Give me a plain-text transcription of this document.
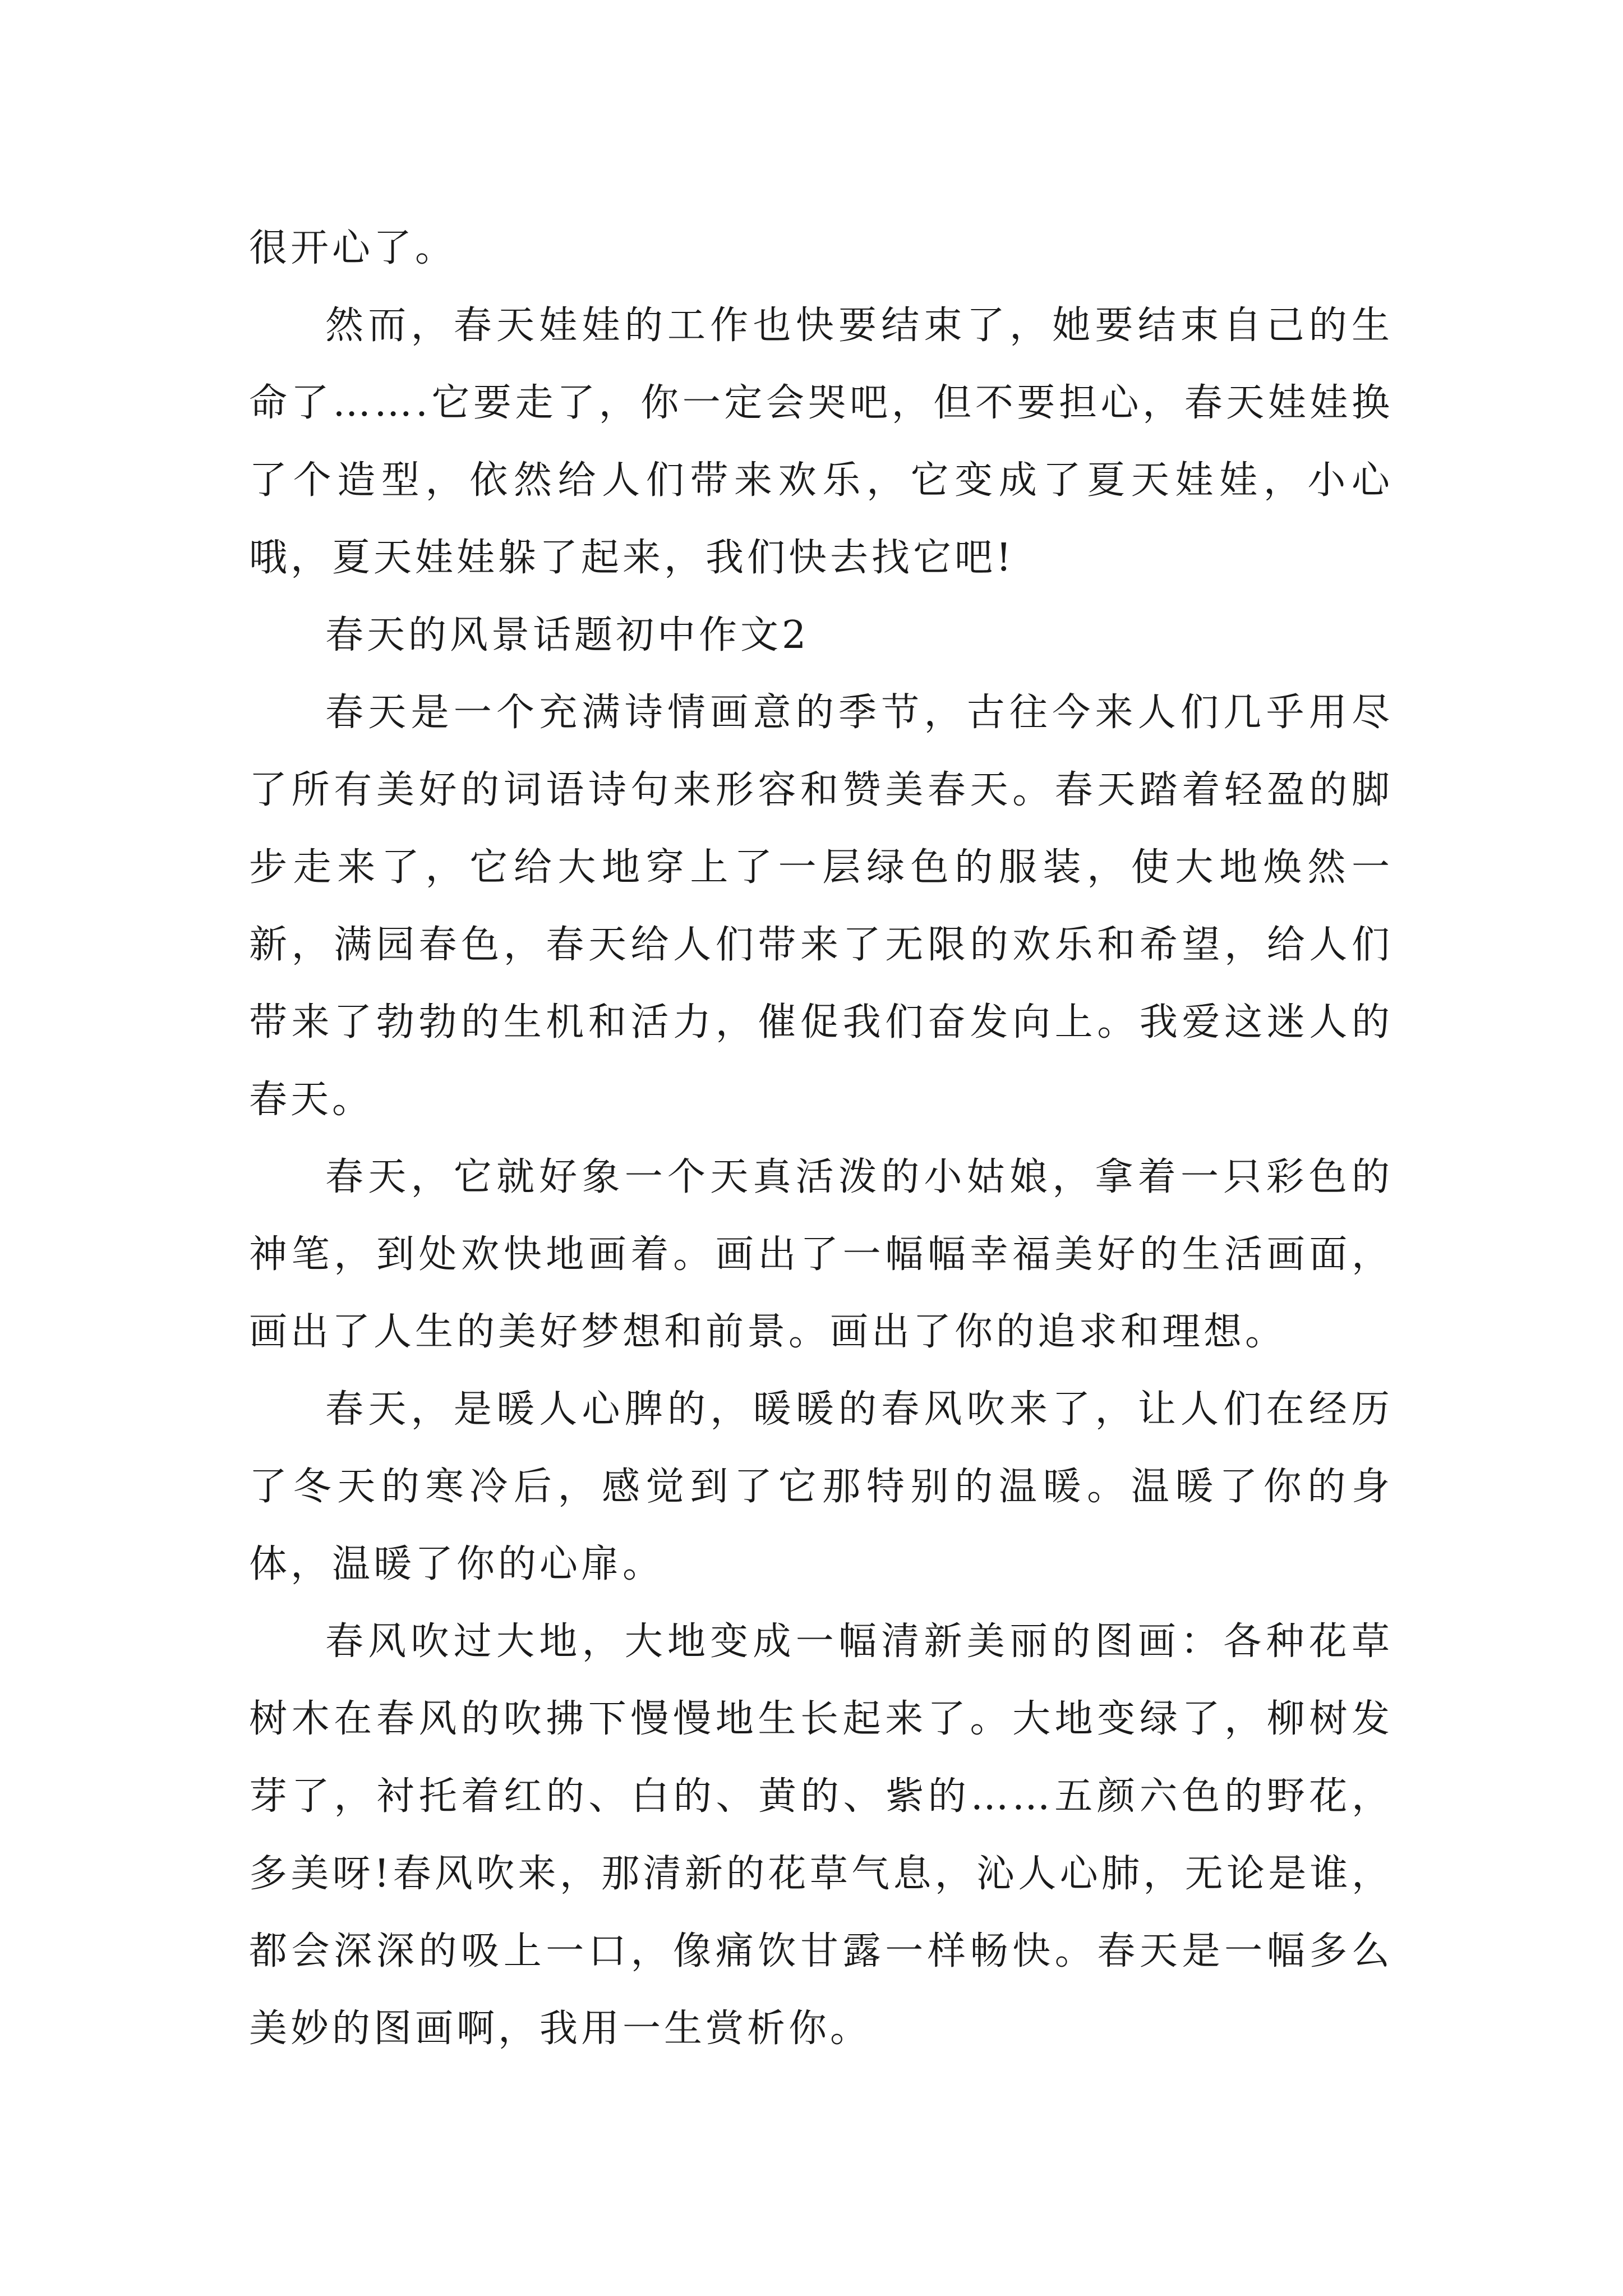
很开心了。

然而，春天娃娃的工作也快要结束了，她要结束自己的生命了…….它要走了，你一定会哭吧，但不要担心，春天娃娃换了个造型，依然给人们带来欢乐，它变成了夏天娃娃，小心哦，夏天娃娃躲了起来，我们快去找它吧!

春天的风景话题初中作文2

春天是一个充满诗情画意的季节，古往今来人们几乎用尽了所有美好的词语诗句来形容和赞美春天。春天踏着轻盈的脚步走来了，它给大地穿上了一层绿色的服装，使大地焕然一新，满园春色，春天给人们带来了无限的欢乐和希望，给人们带来了勃勃的生机和活力，催促我们奋发向上。我爱这迷人的春天。

春天，它就好象一个天真活泼的小姑娘，拿着一只彩色的神笔，到处欢快地画着。画出了一幅幅幸福美好的生活画面，画出了人生的美好梦想和前景。画出了你的追求和理想。

春天，是暖人心脾的，暖暖的春风吹来了，让人们在经历了冬天的寒冷后，感觉到了它那特别的温暖。温暖了你的身体，温暖了你的心扉。

春风吹过大地，大地变成一幅清新美丽的图画：各种花草树木在春风的吹拂下慢慢地生长起来了。大地变绿了，柳树发芽了，衬托着红的、白的、黄的、紫的……五颜六色的野花，多美呀!春风吹来，那清新的花草气息，沁人心肺，无论是谁，都会深深的吸上一口，像痛饮甘露一样畅快。春天是一幅多么美妙的图画啊，我用一生赏析你。
